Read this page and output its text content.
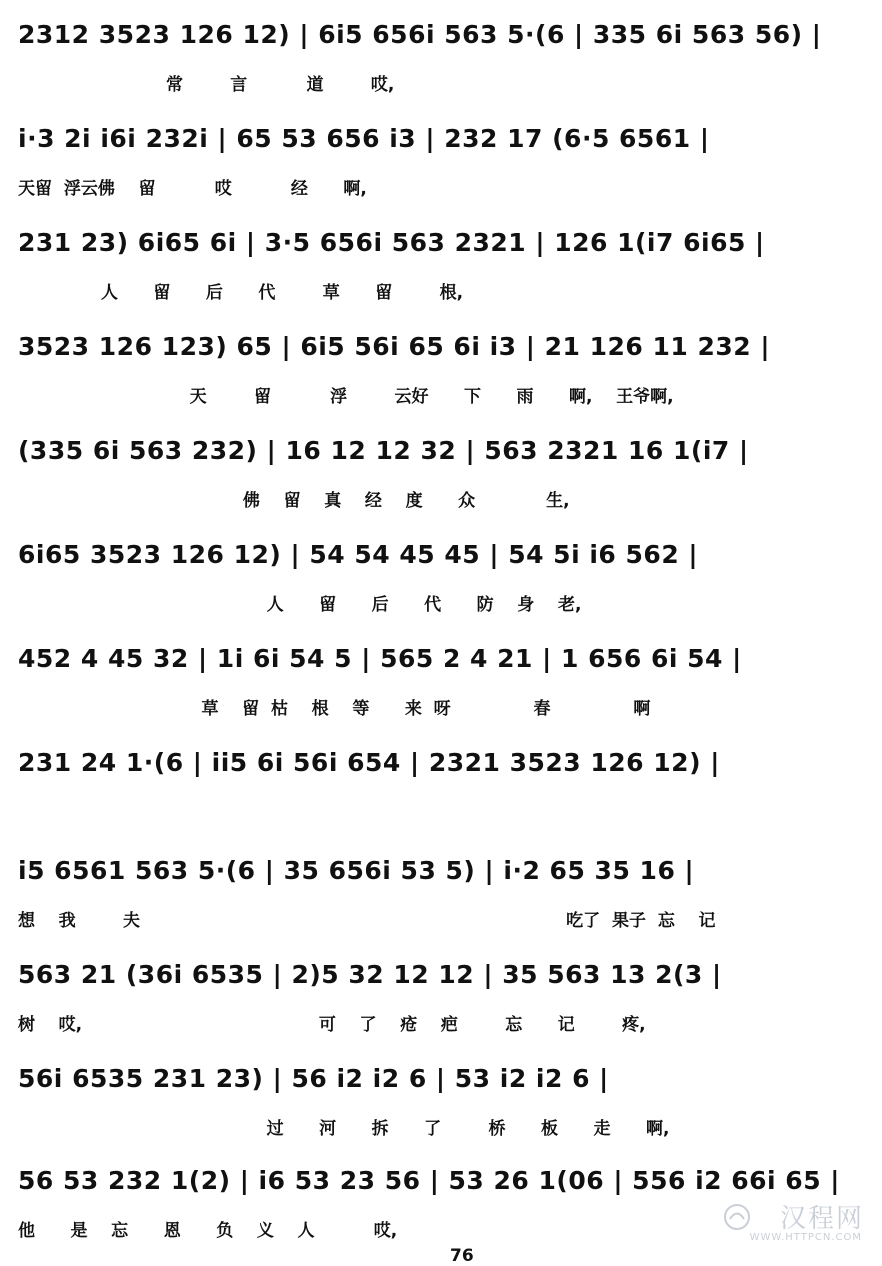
2312 3523 126 12) | 6i5 656i 563 5·(6 | 335 6i 563 56) |
常        言          道        哎,
i·3 2i i6i 232i | 65 53 656 i3 | 232 17 (6·5 6561 |
天留  浮云佛    留          哎          经      啊,
231 23) 6i65 6i | 3·5 656i 563 2321 | 126 1(i7 6i65 |
人      留      后      代        草      留        根,
3523 126 123) 65 | 6i5 56i 65 6i i3 | 21 126 11 232 |
天        留          浮        云好      下      雨      啊,    王爷啊,
(335 6i 563 232) | 16 12 12 32 | 563 2321 16 1(i7 |
佛    留    真    经    度      众            生,
6i65 3523 126 12) | 54 54 45 45 | 54 5i i6 562 |
人      留      后      代      防    身    老,
452 4 45 32 | 1i 6i 54 5 | 565 2 4 21 | 1 656 6i 54 |
草    留  枯    根    等      来  呀              春              啊
231 24 1·(6 | ii5 6i 56i 654 | 2321 3523 126 12) |
i5 6561 563 5·(6 | 35 656i 53 5) | i·2 65 35 16 |
想    我        夫                                                                        吃了  果子  忘    记
563 21 (36i 6535 | 2)5 32 12 12 | 35 563 13 2(3 |
树    哎,                                        可    了    疮    疤        忘      记        疼,
56i 6535 231 23) | 56 i2 i2 6 | 53 i2 i2 6 |
过      河      拆      了        桥      板      走      啊,
56 53 232 1(2) | i6 53 23 56 | 53 26 1(06 | 556 i2 66i 65 |
他      是    忘      恩      负    义    人          哎,
76
汉程网
WWW.HTTPCN.COM
